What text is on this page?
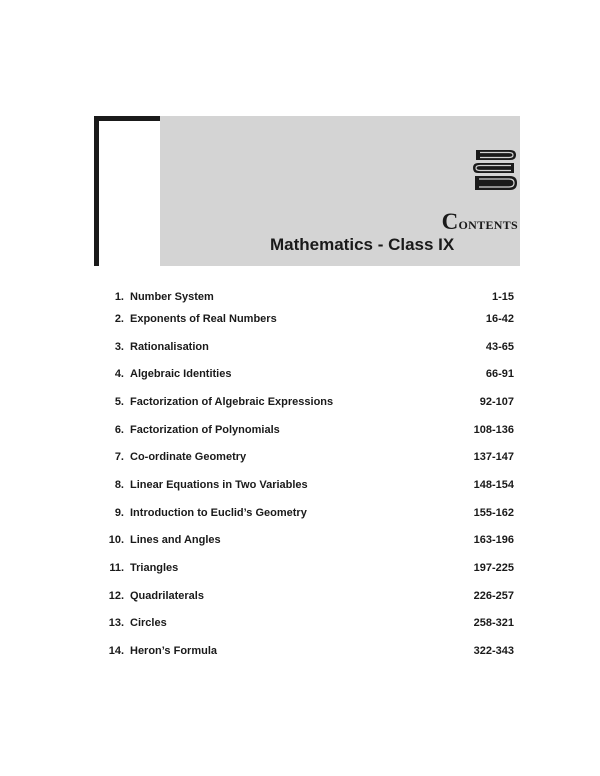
Contents
Mathematics - Class IX
1. Number System	1-15
2. Exponents of Real Numbers	16-42
3. Rationalisation	43-65
4. Algebraic Identities	66-91
5. Factorization of Algebraic Expressions	92-107
6. Factorization of Polynomials	108-136
7. Co-ordinate Geometry	137-147
8. Linear Equations in Two Variables	148-154
9. Introduction to Euclid’s Geometry	155-162
10. Lines and Angles	163-196
11. Triangles	197-225
12. Quadrilaterals	226-257
13. Circles	258-321
14. Heron’s Formula	322-343
